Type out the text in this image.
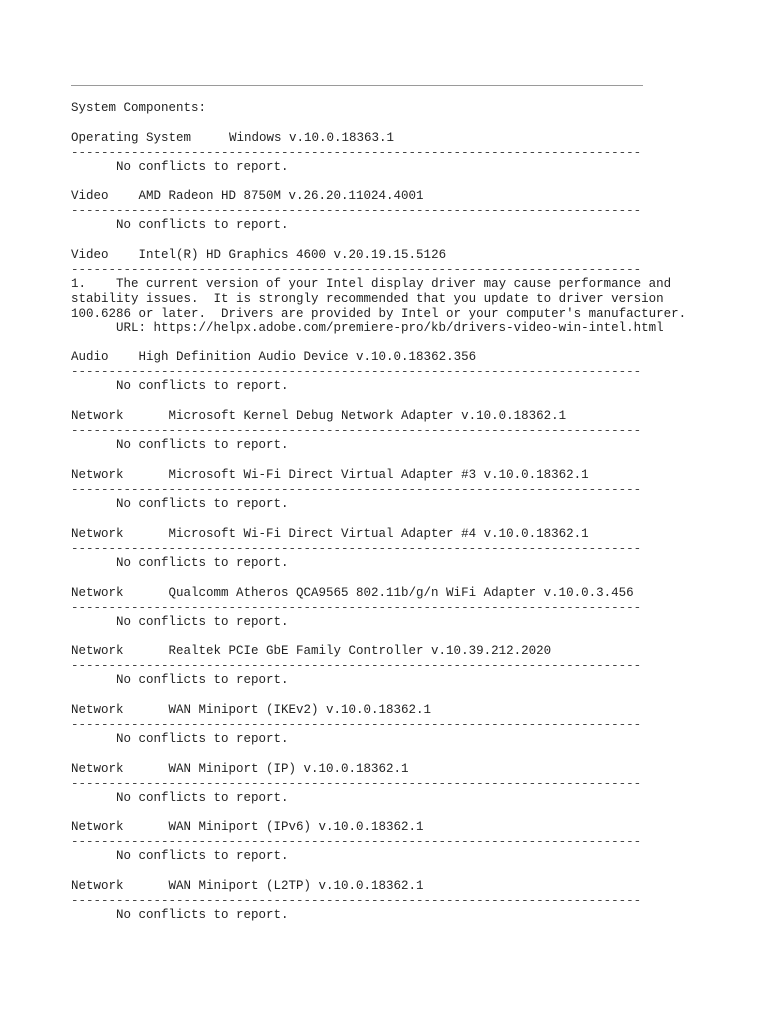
System Components:
Operating System	Windows v.10.0.18363.1
----------------------------------------------------------------------------
No conflicts to report.
Video AMD Radeon HD 8750M v.26.20.11024.4001
----------------------------------------------------------------------------
No conflicts to report.
Video Intel(R) HD Graphics 4600 v.20.19.15.5126
----------------------------------------------------------------------------
1. The current version of your Intel display driver may cause performance and
stability issues.  It is strongly recommended that you update to driver version
100.6286 or later.  Drivers are provided by Intel or your computer's manufacturer.
URL: https://helpx.adobe.com/premiere-pro/kb/drivers-video-win-intel.html
Audio High Definition Audio Device v.10.0.18362.356
----------------------------------------------------------------------------
No conflicts to report.
Network	Microsoft Kernel Debug Network Adapter v.10.0.18362.1
----------------------------------------------------------------------------
No conflicts to report.
Network	Microsoft Wi-Fi Direct Virtual Adapter #3 v.10.0.18362.1
----------------------------------------------------------------------------
No conflicts to report.
Network	Microsoft Wi-Fi Direct Virtual Adapter #4 v.10.0.18362.1
----------------------------------------------------------------------------
No conflicts to report.
Network	Qualcomm Atheros QCA9565 802.11b/g/n WiFi Adapter v.10.0.3.456
----------------------------------------------------------------------------
No conflicts to report.
Network	Realtek PCIe GbE Family Controller v.10.39.212.2020
----------------------------------------------------------------------------
No conflicts to report.
Network	WAN Miniport (IKEv2) v.10.0.18362.1
----------------------------------------------------------------------------
No conflicts to report.
Network	WAN Miniport (IP) v.10.0.18362.1
----------------------------------------------------------------------------
No conflicts to report.
Network	WAN Miniport (IPv6) v.10.0.18362.1
----------------------------------------------------------------------------
No conflicts to report.
Network	WAN Miniport (L2TP) v.10.0.18362.1
----------------------------------------------------------------------------
No conflicts to report.
